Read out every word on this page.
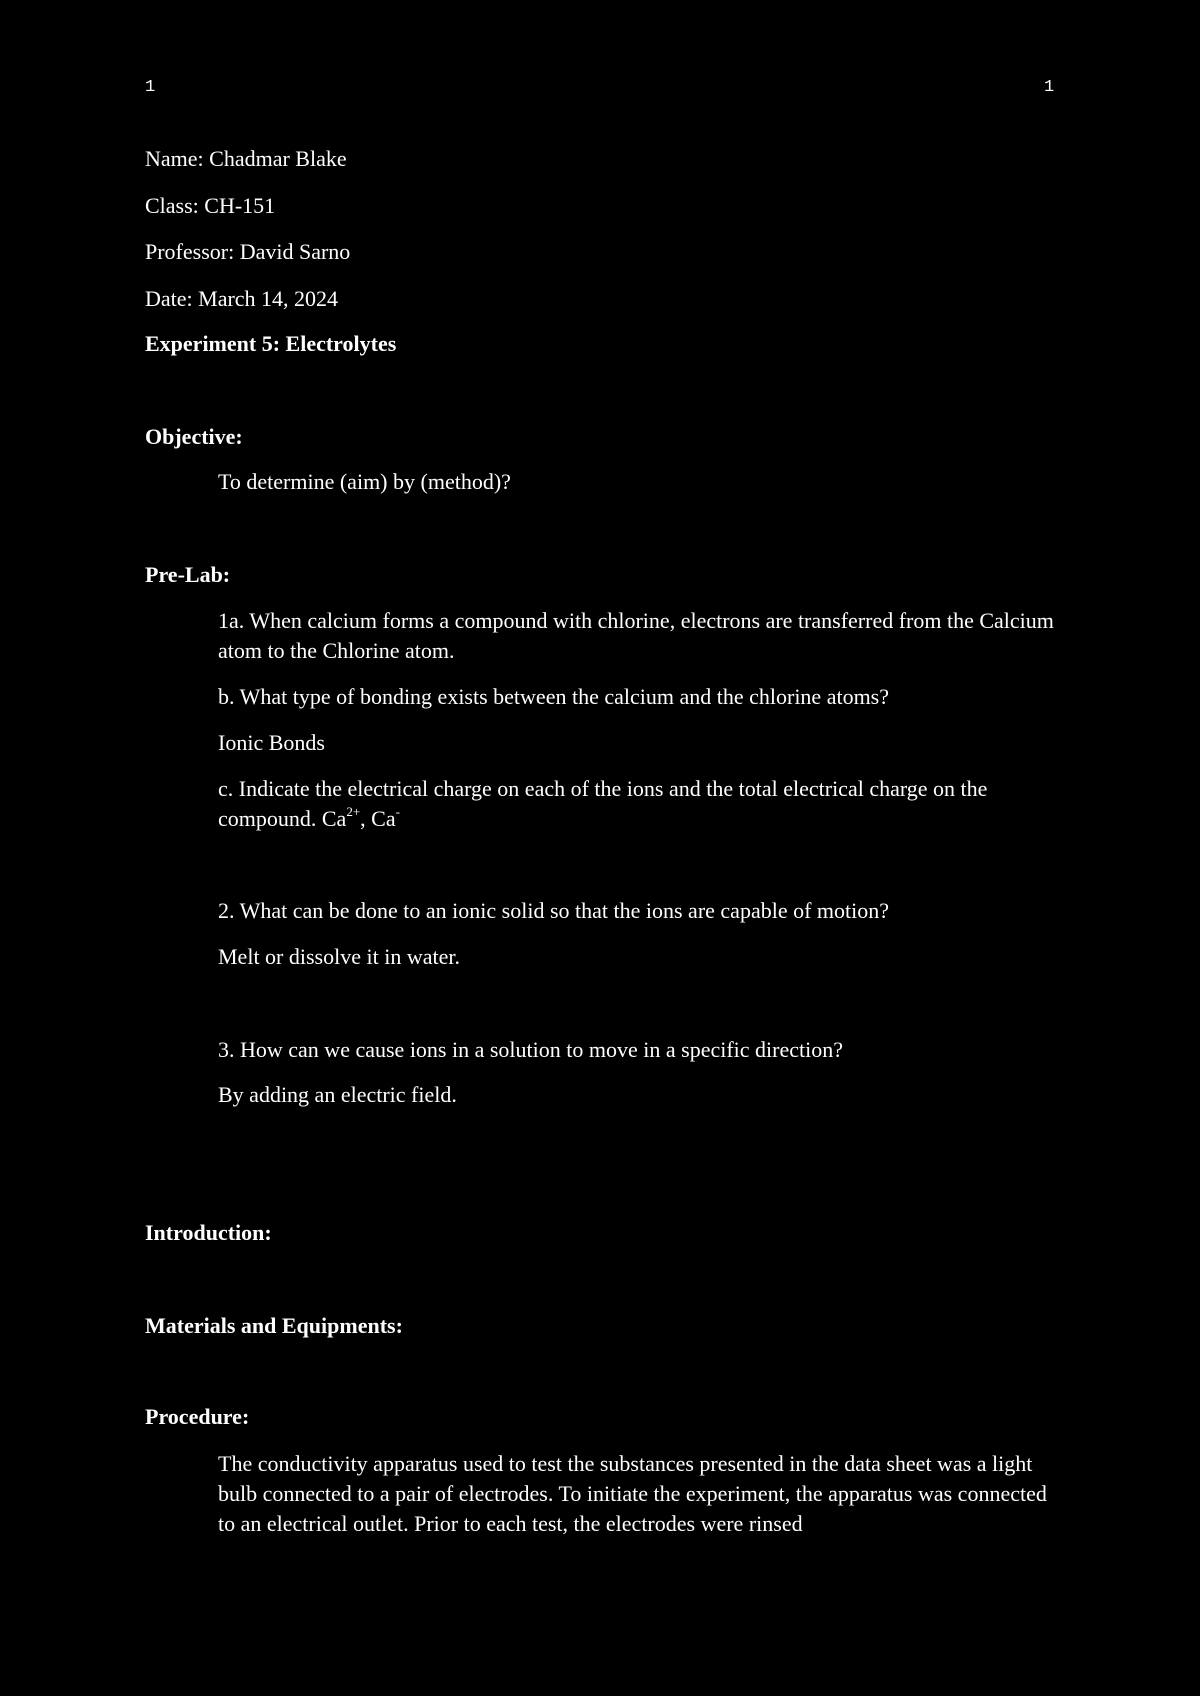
1	1
Name: Chadmar Blake
Class: CH-151
Professor: David Sarno
Date: March 14, 2024
Experiment 5: Electrolytes
Objective:
To determine (aim) by (method)?
Pre-Lab:
1a. When calcium forms a compound with chlorine, electrons are transferred from the Calcium atom to the Chlorine atom.
b. What type of bonding exists between the calcium and the chlorine atoms?
Ionic Bonds
c. Indicate the electrical charge on each of the ions and the total electrical charge on the compound. $Ca^{2+}$, Ca-
2. What can be done to an ionic solid so that the ions are capable of motion?
Melt or dissolve it in water.
3. How can we cause ions in a solution to move in a specific direction?
By adding an electric field.
Introduction:
Materials and Equipments:
Procedure:
The conductivity apparatus used to test the substances presented in the data sheet was a light bulb connected to a pair of electrodes. To initiate the experiment, the apparatus was connected to an electrical outlet. Prior to each test, the electrodes were rinsed
